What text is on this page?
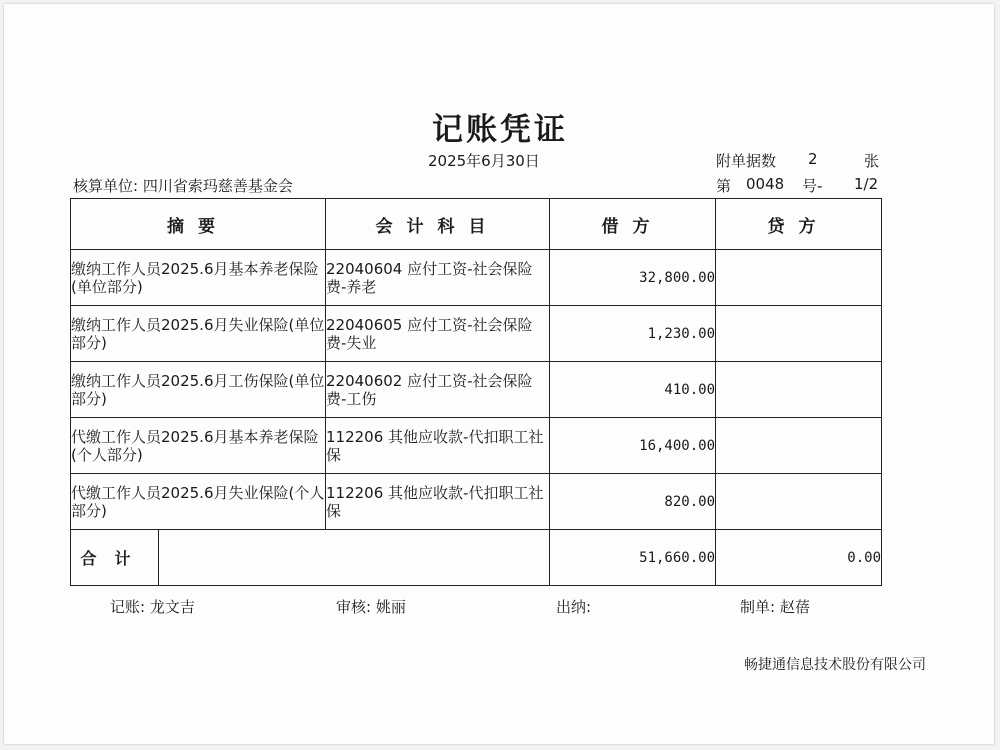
记账凭证
2025年6月30日
核算单位: 四川省索玛慈善基金会
附单据数 2	张
第 0048 号- 1/2
摘要		会计科目	借方	贷方
缴纳工作人员2025.6月基本养老保险(单位部分)		22040604 应付工资-社会保险费-养老	32,800.00	
缴纳工作人员2025.6月失业保险(单位部分)		22040605 应付工资-社会保险费-失业	1,230.00	
缴纳工作人员2025.6月工伤保险(单位部分)		22040602 应付工资-社会保险费-工伤	410.00	
代缴工作人员2025.6月基本养老保险(个人部分)		112206 其他应收款-代扣职工社保	16,400.00	
代缴工作人员2025.6月失业保险(个人部分)		112206 其他应收款-代扣职工社保	820.00	
合计			51,660.00	0.00
记账: 龙文吉	审核: 姚丽	出纳:	制单: 赵蓓
畅捷通信息技术股份有限公司
